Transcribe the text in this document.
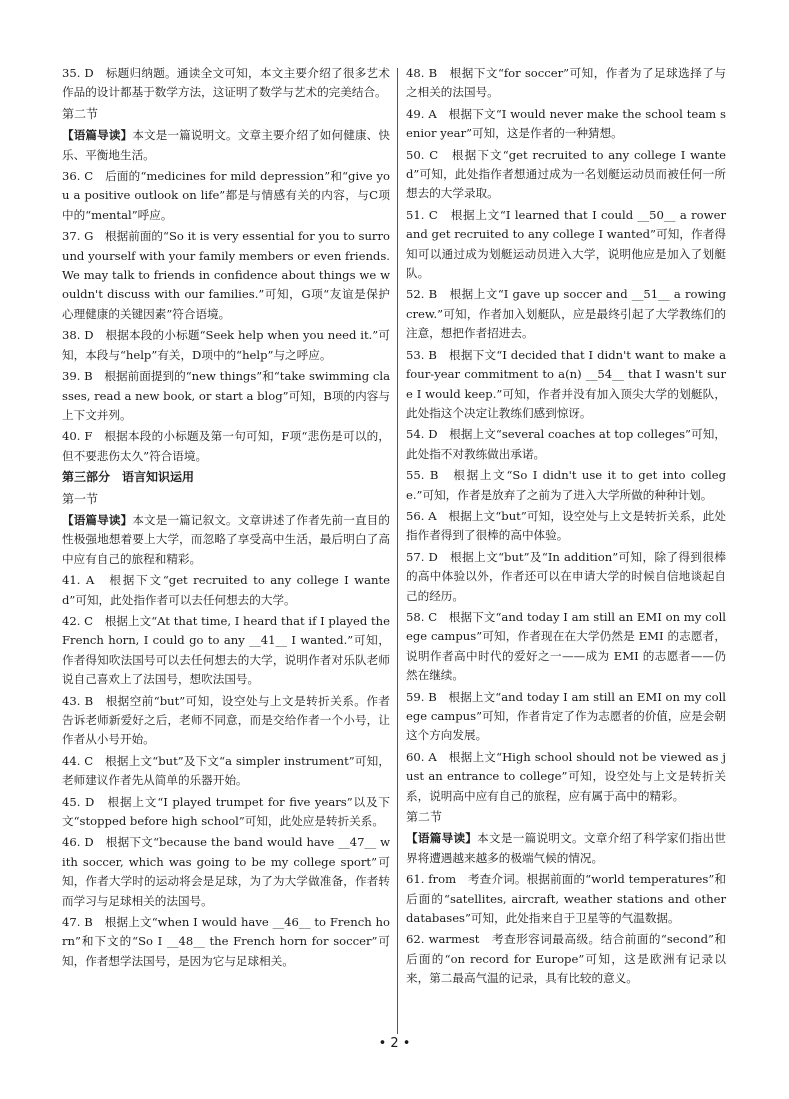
35. D　标题归纳题。通读全文可知，本文主要介绍了很多艺术作品的设计都基于数学方法，这证明了数学与艺术的完美结合。
第二节
【语篇导读】本文是一篇说明文。文章主要介绍了如何健康、快乐、平衡地生活。
36. C　后面的“medicines for mild depression”和“give you a positive outlook on life”都是与情感有关的内容，与C项中的“mental”呼应。
37. G　根据前面的“So it is very essential for you to surround yourself with your family members or even friends. We may talk to friends in confidence about things we wouldn't discuss with our families.”可知，G项“友谊是保护心理健康的关键因素”符合语境。
38. D　根据本段的小标题“Seek help when you need it.”可知，本段与“help”有关，D项中的“help”与之呼应。
39. B　根据前面提到的“new things”和“take swimming classes, read a new book, or start a blog”可知，B项的内容与上下文并列。
40. F　根据本段的小标题及第一句可知，F项“悲伤是可以的，但不要悲伤太久”符合语境。
第三部分　语言知识运用
第一节
【语篇导读】本文是一篇记叙文。文章讲述了作者先前一直目的性极强地想着要上大学，而忽略了享受高中生活，最后明白了高中应有自己的旅程和精彩。
41. A　根据下文“get recruited to any college I wanted”可知，此处指作者可以去任何想去的大学。
42. C　根据上文“At that time, I heard that if I played the French horn, I could go to any __41__ I wanted.”可知，作者得知吹法国号可以去任何想去的大学，说明作者对乐队老师说自己喜欢上了法国号，想吹法国号。
43. B　根据空前“but”可知，设空处与上文是转折关系。作者告诉老师新爱好之后，老师不同意，而是交给作者一个小号，让作者从小号开始。
44. C　根据上文“but”及下文“a simpler instrument”可知，老师建议作者先从简单的乐器开始。
45. D　根据上文“I played trumpet for five years”以及下文“stopped before high school”可知，此处应是转折关系。
46. D　根据下文“because the band would have __47__ with soccer, which was going to be my college sport”可知，作者大学时的运动将会是足球，为了为大学做准备，作者转而学习与足球相关的法国号。
47. B　根据上文“when I would have __46__ to French horn”和下文的“So I __48__ the French horn for soccer”可知，作者想学法国号，是因为它与足球相关。
48. B　根据下文“for soccer”可知，作者为了足球选择了与之相关的法国号。
49. A　根据下文“I would never make the school team senior year”可知，这是作者的一种猜想。
50. C　根据下文“get recruited to any college I wanted”可知，此处指作者想通过成为一名划艇运动员而被任何一所想去的大学录取。
51. C　根据上文“I learned that I could __50__ a rower and get recruited to any college I wanted”可知，作者得知可以通过成为划艇运动员进入大学，说明他应是加入了划艇队。
52. B　根据上文“I gave up soccer and __51__ a rowing crew.”可知，作者加入划艇队，应是最终引起了大学教练们的注意，想把作者招进去。
53. B　根据下文“I decided that I didn't want to make a four-year commitment to a(n) __54__ that I wasn't sure I would keep.”可知，作者并没有加入顶尖大学的划艇队，此处指这个决定让教练们感到惊讶。
54. D　根据上文“several coaches at top colleges”可知，此处指不对教练做出承诺。
55. B　根据上文“So I didn't use it to get into college.”可知，作者是放弃了之前为了进入大学所做的种种计划。
56. A　根据上文“but”可知，设空处与上文是转折关系，此处指作者得到了很棒的高中体验。
57. D　根据上文“but”及“In addition”可知，除了得到很棒的高中体验以外，作者还可以在申请大学的时候自信地谈起自己的经历。
58. C　根据下文“and today I am still an EMI on my college campus”可知，作者现在在大学仍然是 EMI 的志愿者，说明作者高中时代的爱好之一——成为 EMI 的志愿者——仍然在继续。
59. B　根据上文“and today I am still an EMI on my college campus”可知，作者肯定了作为志愿者的价值，应是会朝这个方向发展。
60. A　根据上文“High school should not be viewed as just an entrance to college”可知，设空处与上文是转折关系，说明高中应有自己的旅程，应有属于高中的精彩。
第二节
【语篇导读】本文是一篇说明文。文章介绍了科学家们指出世界将遭遇越来越多的极端气候的情况。
61. from　考查介词。根据前面的“world temperatures”和后面的“satellites, aircraft, weather stations and other databases”可知，此处指来自于卫星等的气温数据。
62. warmest　考查形容词最高级。结合前面的“second”和后面的“on record for Europe”可知，这是欧洲有记录以来，第二最高气温的记录，具有比较的意义。
• 2 •
